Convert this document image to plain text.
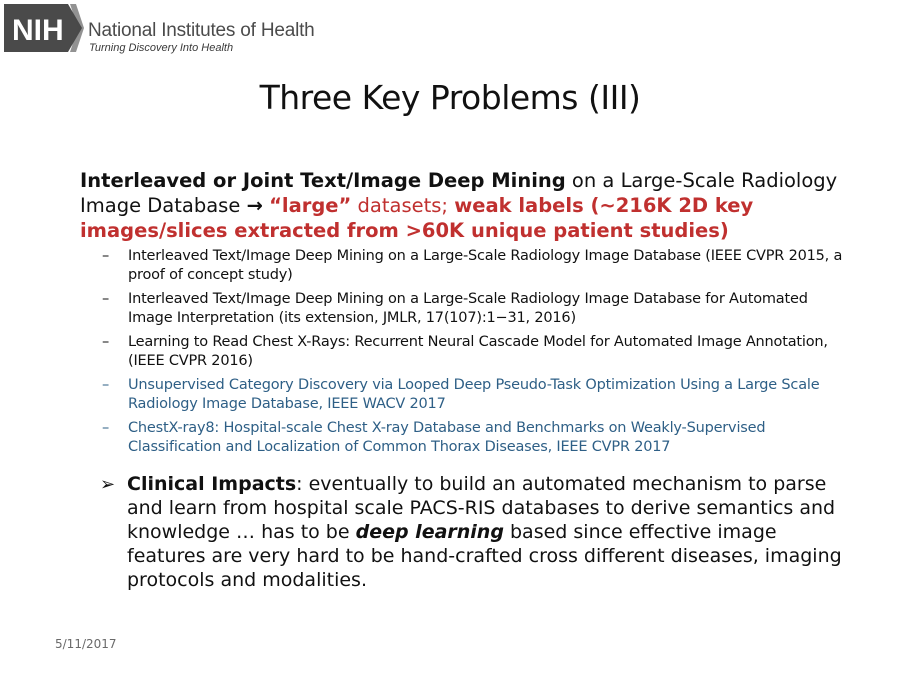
NIH National Institutes of Health
Turning Discovery Into Health
Three Key Problems (III)
Interleaved or Joint Text/Image Deep Mining on a Large-Scale Radiology Image Database → “large” datasets; weak labels (~216K 2D key images/slices extracted from >60K unique patient studies)
– Interleaved Text/Image Deep Mining on a Large-Scale Radiology Image Database (IEEE CVPR 2015, a proof of concept study)
– Interleaved Text/Image Deep Mining on a Large-Scale Radiology Image Database for Automated Image Interpretation (its extension, JMLR, 17(107):1−31, 2016)
– Learning to Read Chest X-Rays: Recurrent Neural Cascade Model for Automated Image Annotation, (IEEE CVPR 2016)
– Unsupervised Category Discovery via Looped Deep Pseudo-Task Optimization Using a Large Scale Radiology Image Database, IEEE WACV 2017
– ChestX-ray8: Hospital-scale Chest X-ray Database and Benchmarks on Weakly-Supervised Classification and Localization of Common Thorax Diseases, IEEE CVPR 2017
➢ Clinical Impacts: eventually to build an automated mechanism to parse and learn from hospital scale PACS-RIS databases to derive semantics and knowledge … has to be deep learning based since effective image features are very hard to be hand-crafted cross different diseases, imaging protocols and modalities.

5/11/2017
